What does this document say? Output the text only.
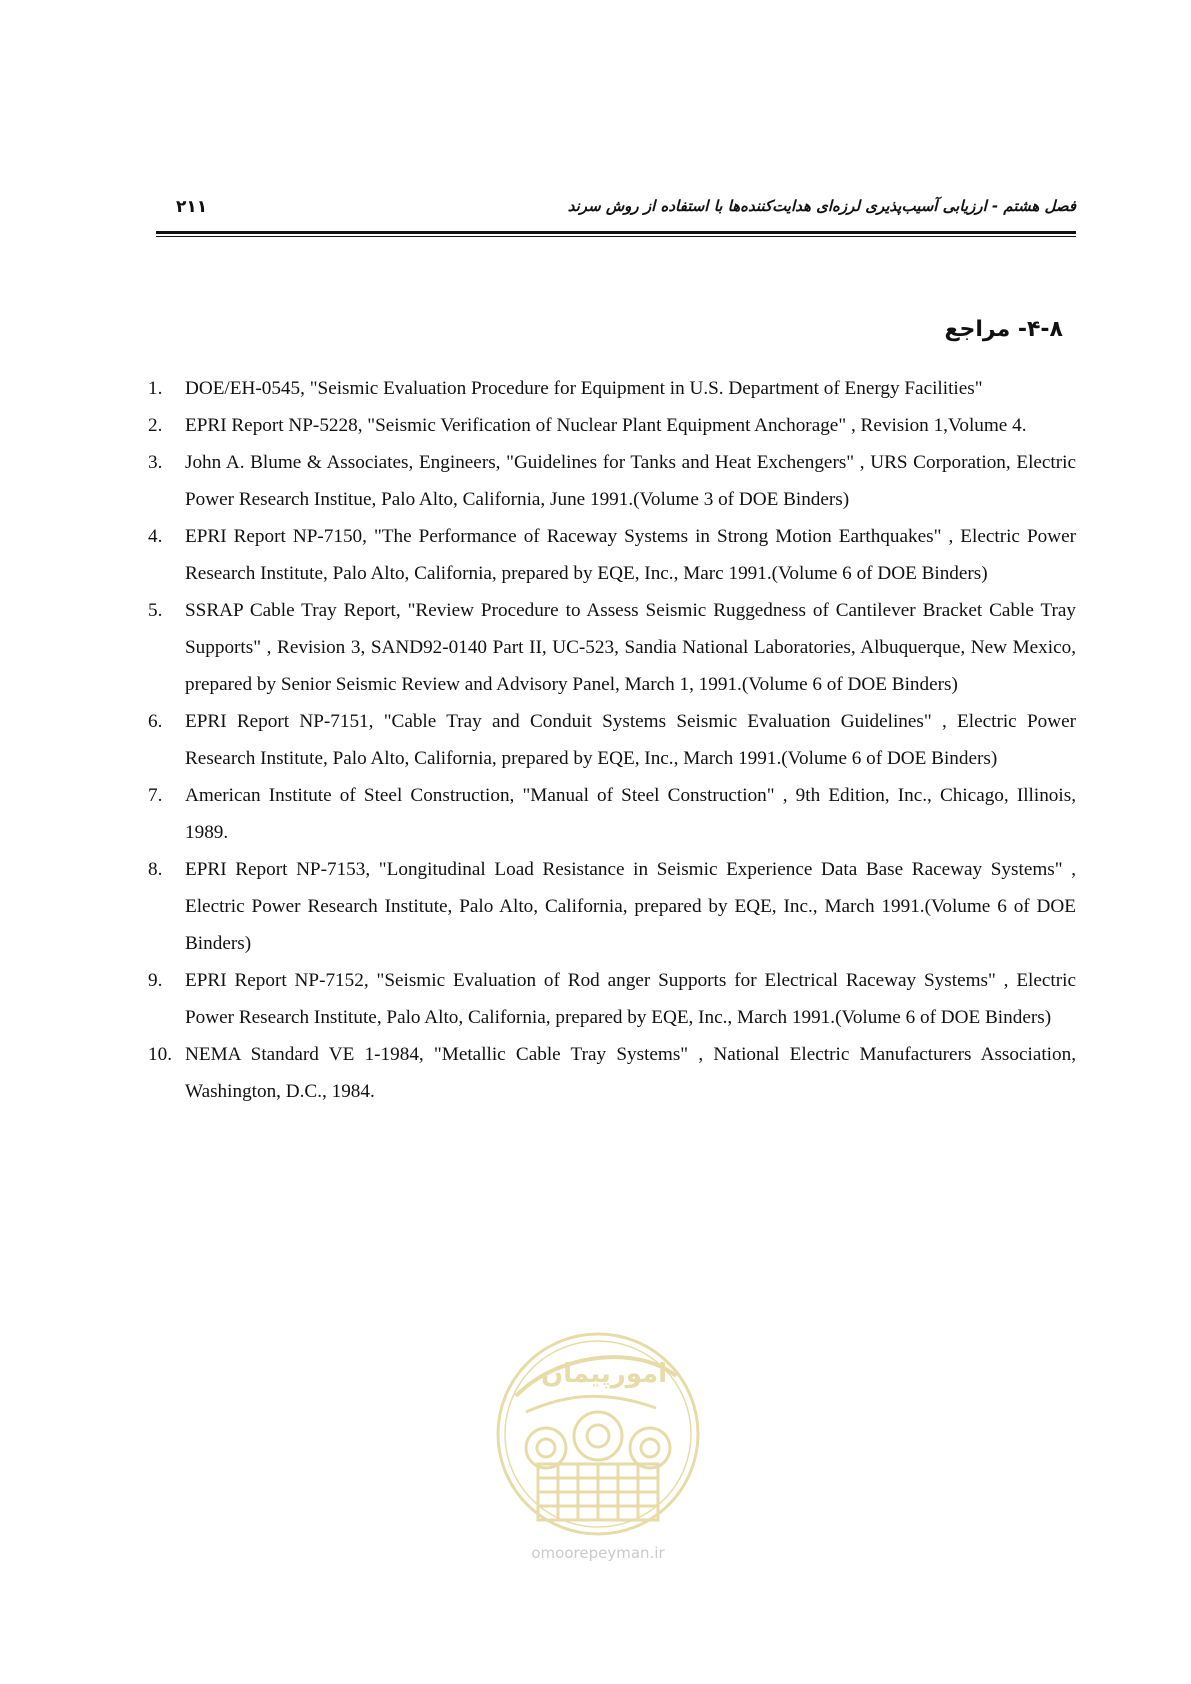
۲۱۱	فصل هشتم - ارزیابی آسیب‌پذیری لرزه‌ای هدایت‌کننده‌ها با استفاده از روش سرند
۴-۸- مراجع
1. DOE/EH-0545, "Seismic Evaluation Procedure for Equipment in U.S. Department of Energy Facilities"
2. EPRI Report NP-5228, "Seismic Verification of Nuclear Plant Equipment Anchorage" , Revision 1,Volume 4.
3. John A. Blume & Associates, Engineers, "Guidelines for Tanks and Heat Exchengers" , URS Corporation, Electric Power Research Institue, Palo Alto, California, June 1991.(Volume 3 of DOE Binders)
4. EPRI Report NP-7150, "The Performance of Raceway Systems in Strong Motion Earthquakes" , Electric Power Research Institute, Palo Alto, California, prepared by EQE, Inc., Marc 1991.(Volume 6 of DOE Binders)
5. SSRAP Cable Tray Report, "Review Procedure to Assess Seismic Ruggedness of Cantilever Bracket Cable Tray Supports" , Revision 3, SAND92-0140 Part II, UC-523, Sandia National Laboratories, Albuquerque, New Mexico, prepared by Senior Seismic Review and Advisory Panel, March 1, 1991.(Volume 6 of DOE Binders)
6. EPRI Report NP-7151, "Cable Tray and Conduit Systems Seismic Evaluation Guidelines" , Electric Power Research Institute, Palo Alto, California, prepared by EQE, Inc., March 1991.(Volume 6 of DOE Binders)
7. American Institute of Steel Construction, "Manual of Steel Construction" , 9th Edition, Inc., Chicago, Illinois, 1989.
8. EPRI Report NP-7153, "Longitudinal Load Resistance in Seismic Experience Data Base Raceway Systems" , Electric Power Research Institute, Palo Alto, California, prepared by EQE, Inc., March 1991.(Volume 6 of DOE Binders)
9. EPRI Report NP-7152, "Seismic Evaluation of Rod anger Supports for Electrical Raceway Systems" , Electric Power Research Institute, Palo Alto, California, prepared by EQE, Inc., March 1991.(Volume 6 of DOE Binders)
10. NEMA Standard VE 1-1984, "Metallic Cable Tray Systems" , National Electric Manufacturers Association, Washington, D.C., 1984.
امورپیمان
omoorepeyman.ir
